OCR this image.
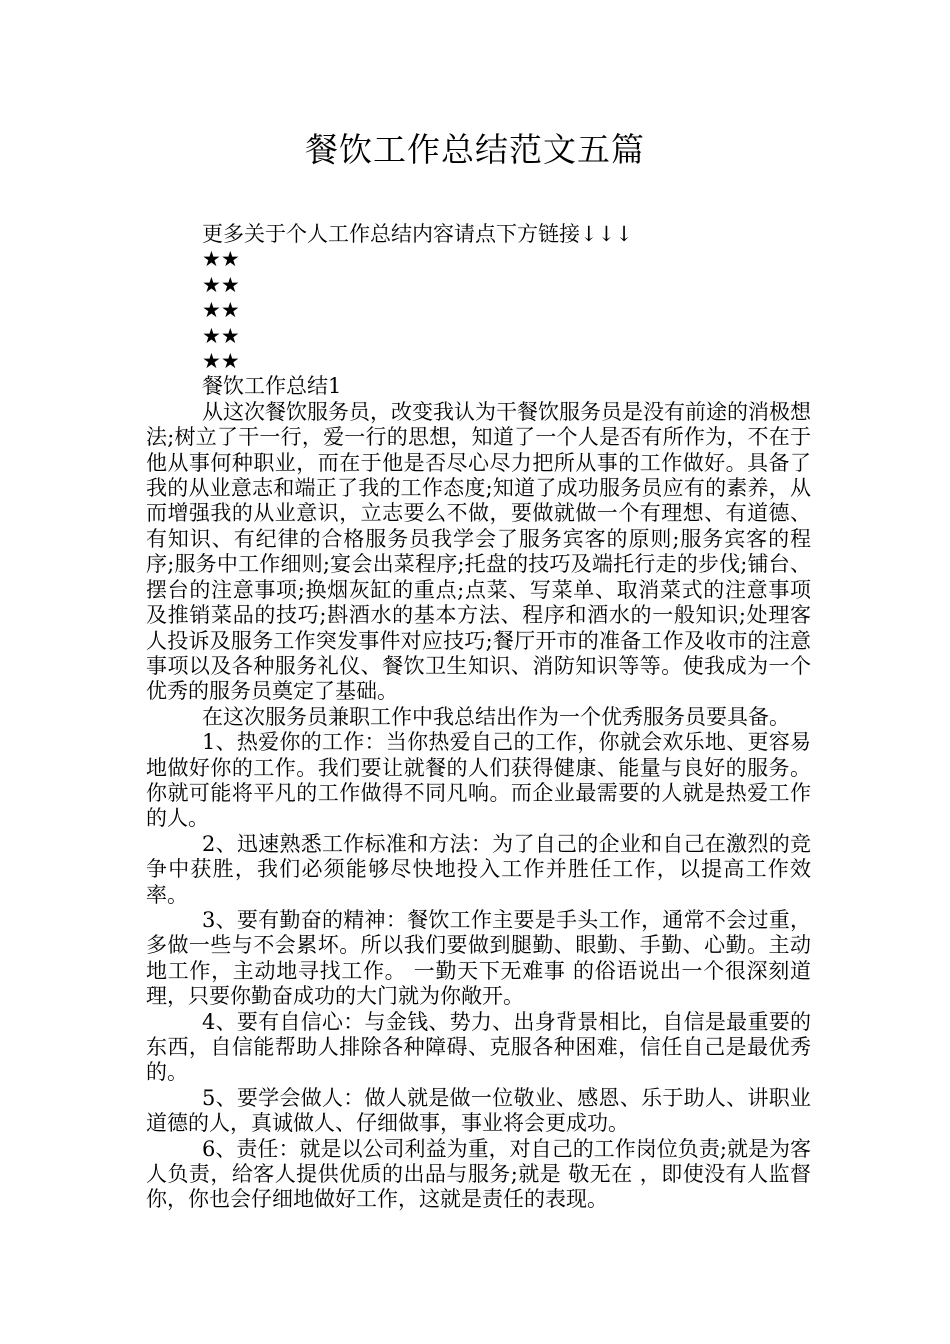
餐饮工作总结范文五篇
更多关于个人工作总结内容请点下方链接↓↓↓
★★
★★
★★
★★
★★
餐饮工作总结1
从这次餐饮服务员，改变我认为干餐饮服务员是没有前途的消极想法;树立了干一行，爱一行的思想，知道了一个人是否有所作为，不在于他从事何种职业，而在于他是否尽心尽力把所从事的工作做好。具备了我的从业意志和端正了我的工作态度;知道了成功服务员应有的素养，从而增强我的从业意识，立志要么不做，要做就做一个有理想、有道德、有知识、有纪律的合格服务员我学会了服务宾客的原则;服务宾客的程序;服务中工作细则;宴会出菜程序;托盘的技巧及端托行走的步伐;铺台、摆台的注意事项;换烟灰缸的重点;点菜、写菜单、取消菜式的注意事项及推销菜品的技巧;斟酒水的基本方法、程序和酒水的一般知识;处理客人投诉及服务工作突发事件对应技巧;餐厅开市的准备工作及收市的注意事项以及各种服务礼仪、餐饮卫生知识、消防知识等等。使我成为一个优秀的服务员奠定了基础。
在这次服务员兼职工作中我总结出作为一个优秀服务员要具备。
1、热爱你的工作：当你热爱自己的工作，你就会欢乐地、更容易地做好你的工作。我们要让就餐的人们获得健康、能量与良好的服务。你就可能将平凡的工作做得不同凡响。而企业最需要的人就是热爱工作的人。
2、迅速熟悉工作标准和方法：为了自己的企业和自己在激烈的竞争中获胜，我们必须能够尽快地投入工作并胜任工作，以提高工作效率。
3、要有勤奋的精神：餐饮工作主要是手头工作，通常不会过重，多做一些与不会累坏。所以我们要做到腿勤、眼勤、手勤、心勤。主动地工作，主动地寻找工作。 一勤天下无难事 的俗语说出一个很深刻道理，只要你勤奋成功的大门就为你敞开。
4、要有自信心：与金钱、势力、出身背景相比，自信是最重要的东西，自信能帮助人排除各种障碍、克服各种困难，信任自己是最优秀的。
5、要学会做人：做人就是做一位敬业、感恩、乐于助人、讲职业道德的人，真诚做人、仔细做事，事业将会更成功。
6、责任：就是以公司利益为重，对自己的工作岗位负责;就是为客人负责，给客人提供优质的出品与服务;就是 敬无在 ，即使没有人监督你，你也会仔细地做好工作，这就是责任的表现。
